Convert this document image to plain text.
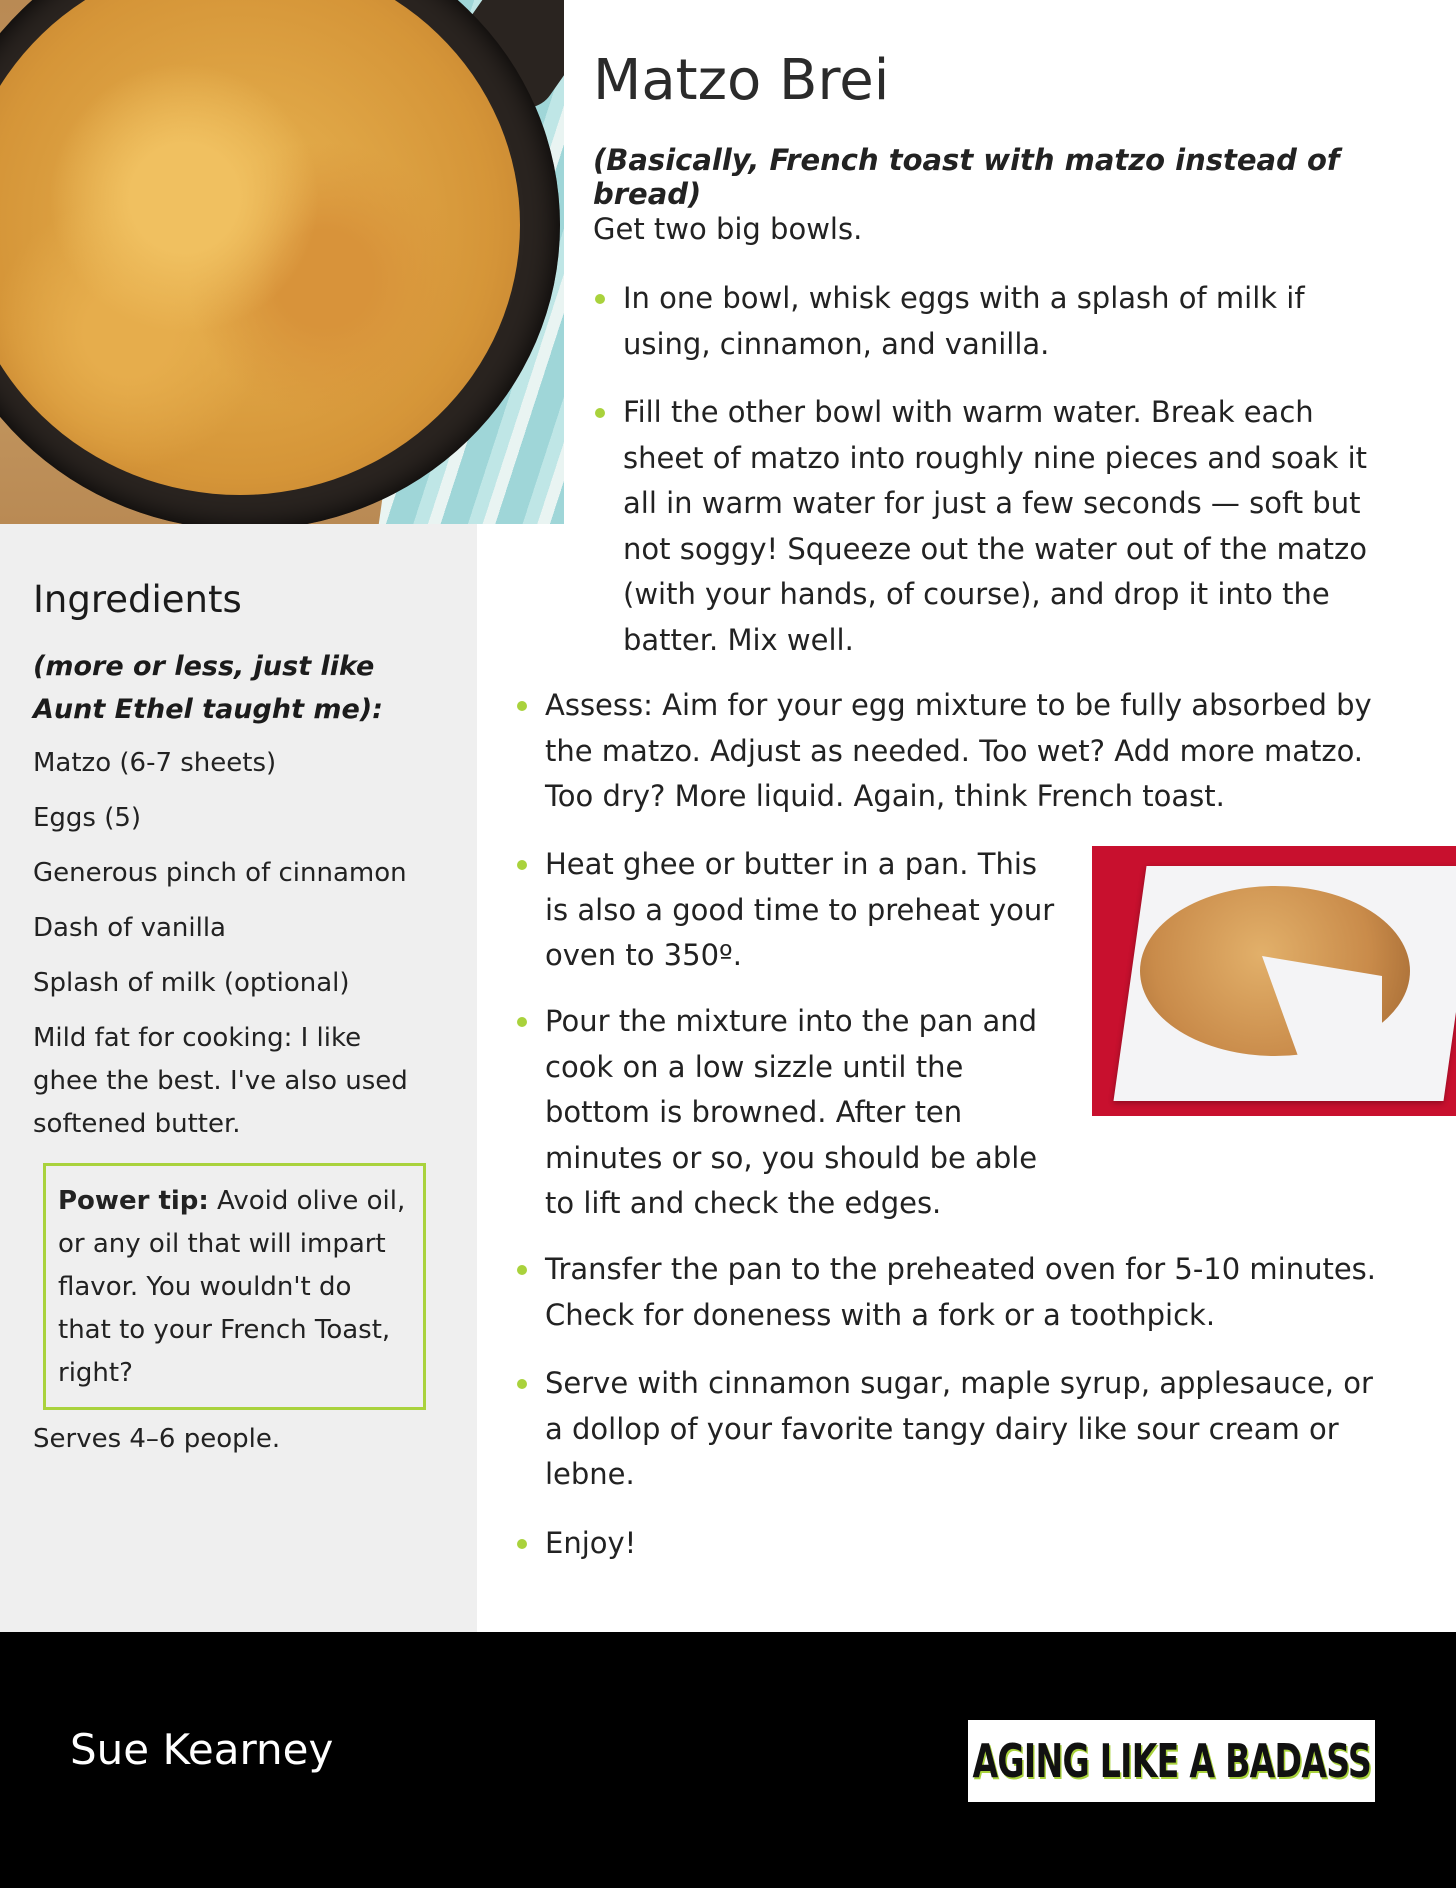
Ingredients
(more or less, just like Aunt Ethel taught me):
Matzo (6-7 sheets)
Eggs (5)
Generous pinch of cinnamon
Dash of vanilla
Splash of milk (optional)
Mild fat for cooking: I like ghee the best. I've also used softened butter.
Power tip: Avoid olive oil, or any oil that will impart flavor. You wouldn't do that to your French Toast, right?
Serves 4–6 people.
Matzo Brei
(Basically, French toast with matzo instead of bread)
Get two big bowls.

In one bowl, whisk eggs with a splash of milk if using, cinnamon, and vanilla.

Fill the other bowl with warm water. Break each sheet of matzo into roughly nine pieces and soak it all in warm water for just a few seconds — soft but not soggy! Squeeze out the water out of the matzo (with your hands, of course), and drop it into the batter. Mix well.

Assess: Aim for your egg mixture to be fully absorbed by the matzo. Adjust as needed. Too wet? Add more matzo. Too dry? More liquid. Again, think French toast.

Heat ghee or butter in a pan. This is also a good time to preheat your oven to 350º.

Pour the mixture into the pan and cook on a low sizzle until the bottom is browned. After ten minutes or so, you should be able to lift and check the edges.

Transfer the pan to the preheated oven for 5-10 minutes. Check for doneness with a fork or a toothpick.

Serve with cinnamon sugar, maple syrup, applesauce, or a dollop of your favorite tangy dairy like sour cream or lebne.

Enjoy!

Sue Kearney	AGING LIKE A BADASS
